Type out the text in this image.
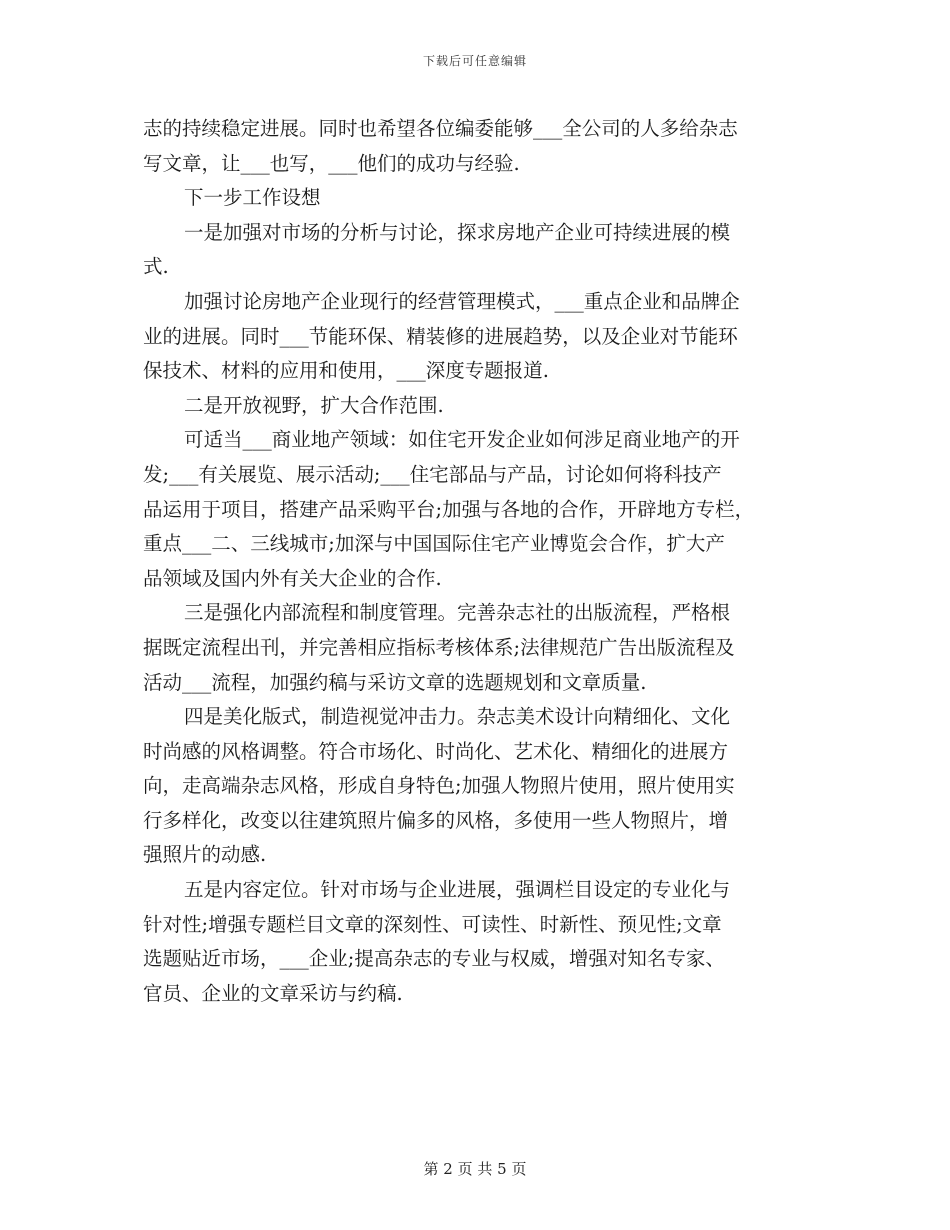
下载后可任意编辑
志的持续稳定进展。同时也希望各位编委能够___全公司的人多给杂志
写文章，让___也写，___他们的成功与经验.
下一步工作设想
一是加强对市场的分析与讨论，探求房地产企业可持续进展的模
式.
加强讨论房地产企业现行的经营管理模式，___重点企业和品牌企
业的进展。同时___节能环保、精装修的进展趋势，以及企业对节能环
保技术、材料的应用和使用，___深度专题报道.
二是开放视野，扩大合作范围.
可适当___商业地产领域：如住宅开发企业如何涉足商业地产的开
发;___有关展览、展示活动;___住宅部品与产品，讨论如何将科技产
品运用于项目，搭建产品采购平台;加强与各地的合作，开辟地方专栏，
重点___二、三线城市;加深与中国国际住宅产业博览会合作，扩大产
品领域及国内外有关大企业的合作.
三是强化内部流程和制度管理。完善杂志社的出版流程，严格根
据既定流程出刊，并完善相应指标考核体系;法律规范广告出版流程及
活动___流程，加强约稿与采访文章的选题规划和文章质量.
四是美化版式，制造视觉冲击力。杂志美术设计向精细化、文化
时尚感的风格调整。符合市场化、时尚化、艺术化、精细化的进展方
向，走高端杂志风格，形成自身特色;加强人物照片使用，照片使用实
行多样化，改变以往建筑照片偏多的风格，多使用一些人物照片，增
强照片的动感.
五是内容定位。针对市场与企业进展，强调栏目设定的专业化与
针对性;增强专题栏目文章的深刻性、可读性、时新性、预见性;文章
选题贴近市场，___企业;提高杂志的专业与权威，增强对知名专家、
官员、企业的文章采访与约稿.
第 2 页 共 5 页
